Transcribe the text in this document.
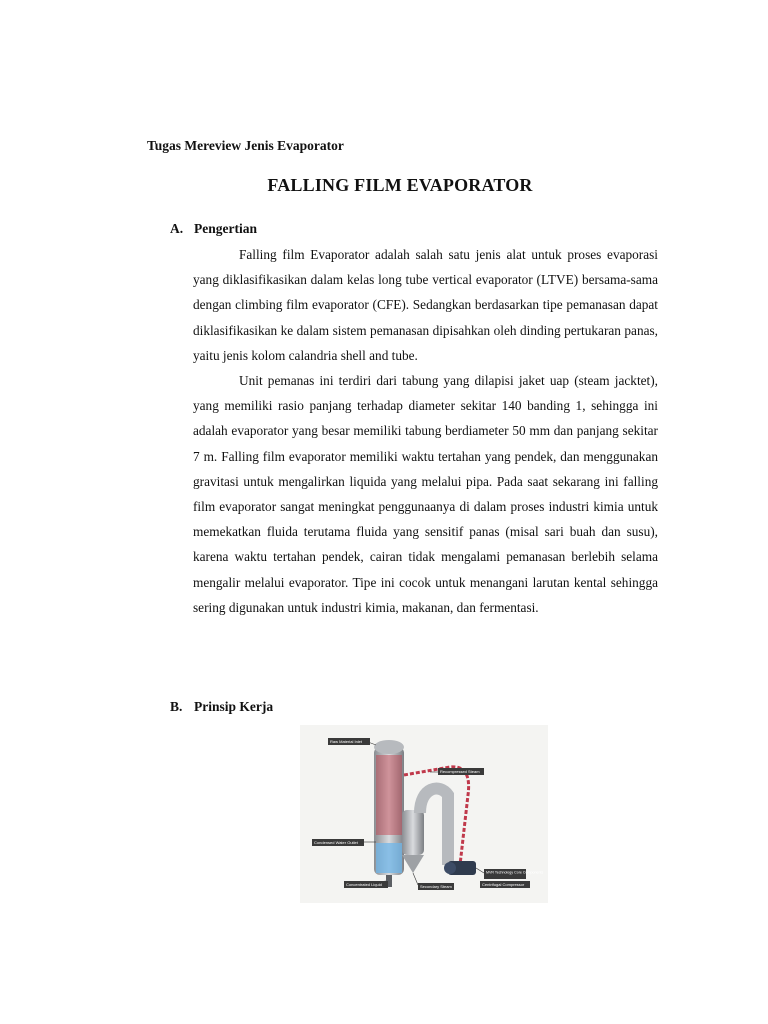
Tugas Mereview Jenis Evaporator
FALLING FILM EVAPORATOR
A. Pengertian

Falling film Evaporator adalah salah satu jenis alat untuk proses evaporasi yang diklasifikasikan dalam kelas long tube vertical evaporator (LTVE) bersama-sama dengan climbing film evaporator (CFE). Sedangkan berdasarkan tipe pemanasan dapat diklasifikasikan ke dalam sistem pemanasan dipisahkan oleh dinding pertukaran panas, yaitu jenis kolom calandria shell and tube.

Unit pemanas ini terdiri dari tabung yang dilapisi jaket uap (steam jacktet), yang memiliki rasio panjang terhadap diameter sekitar 140 banding 1, sehingga ini adalah evaporator yang besar memiliki tabung berdiameter 50 mm dan panjang sekitar 7 m. Falling film evaporator memiliki waktu tertahan yang pendek, dan menggunakan gravitasi untuk mengalirkan liquida yang melalui pipa. Pada saat sekarang ini falling film evaporator sangat meningkat penggunaanya di dalam proses industri kimia untuk memekatkan fluida terutama fluida yang sensitif panas (misal sari buah dan susu), karena waktu tertahan pendek, cairan tidak mengalami pemanasan berlebih selama mengalir melalui evaporator. Tipe ini cocok untuk menangani larutan kental sehingga sering digunakan untuk industri kimia, makanan, dan fermentasi.

B. Prinsip Kerja
Raw Material Inlet
Recompressed Steam
Condensed Water Outlet
Concentrated Liquid	Secondary Steam
MVR Technology Core Components
Centrifugal Compressor
